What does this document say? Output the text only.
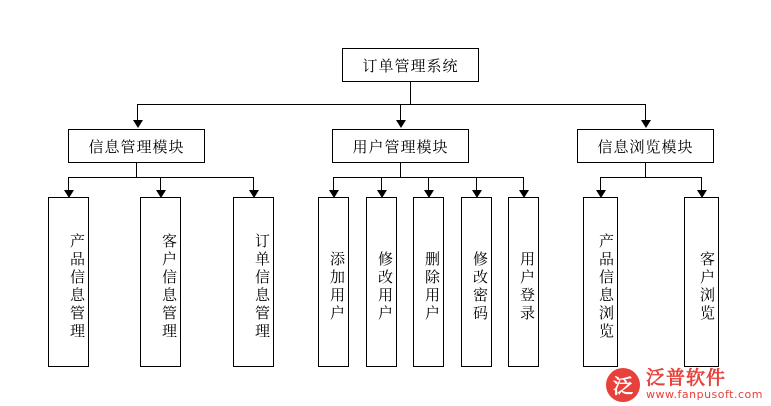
订单管理系统
信息管理模块	用户管理模块	信息浏览模块
产品信息管理	客户信息管理	订单信息管理	添加用户 修改用户 删除用户 修改密码 用户登录	产品信息浏览	客户浏览
泛 泛普软件
www.fanpusoft.com
